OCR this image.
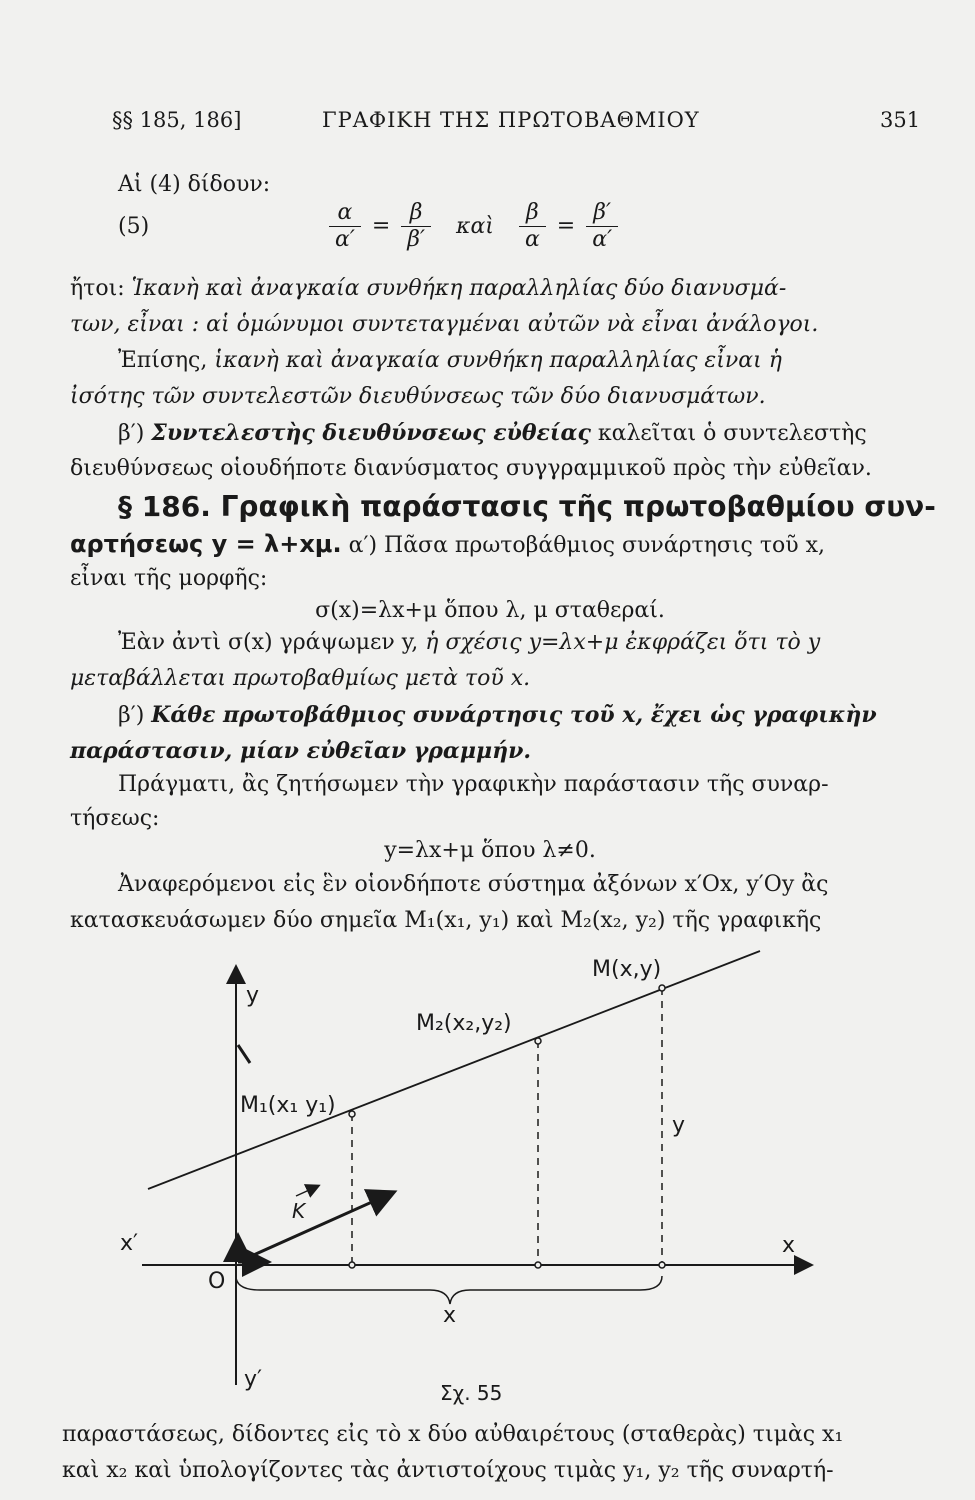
§§ 185, 186]	ΓΡΑΦΙΚΗ ΤΗΣ ΠΡΩΤΟΒΑΘΜΙΟΥ	351
Αἱ (4) δίδουν:
(5)	$\frac{\alpha}{\alpha'} = \frac{\beta}{\beta'}$ καὶ $\frac{\beta}{\alpha} = \frac{\beta'}{\alpha'}$
ἤτοι: Ἱκανὴ καὶ ἀναγκαία συνθήκη παραλληλίας δύο διανυσμά-
των, εἶναι : αἱ ὁμώνυμοι συντεταγμέναι αὐτῶν νὰ εἶναι ἀνάλογοι.
Ἐπίσης, ἱκανὴ καὶ ἀναγκαία συνθήκη παραλληλίας εἶναι ἡ
ἰσότης τῶν συντελεστῶν διευθύνσεως τῶν δύο διανυσμάτων.
β′) Συντελεστὴς διευθύνσεως εὐθείας καλεῖται ὁ συντελεστὴς
διευθύνσεως οἱουδήποτε διανύσματος συγγραμμικοῦ πρὸς τὴν εὐθεῖαν.
§ 186. Γραφικὴ παράστασις τῆς πρωτοβαθμίου συν-
αρτήσεως y = λ+xμ. α′) Πᾶσα πρωτοβάθμιος συνάρτησις τοῦ x,
εἶναι τῆς μορφῆς:
σ(x)=λx+μ ὅπου λ, μ σταθεραί.
Ἐὰν ἀντὶ σ(x) γράψωμεν y, ἡ σχέσις y=λx+μ ἐκφράζει ὅτι τὸ y
μεταβάλλεται πρωτοβαθμίως μετὰ τοῦ x.
β′) Κάθε πρωτοβάθμιος συνάρτησις τοῦ x, ἔχει ὡς γραφικὴν
παράστασιν, μίαν εὐθεῖαν γραμμήν.
Πράγματι, ἂς ζητήσωμεν τὴν γραφικὴν παράστασιν τῆς συναρ-
τήσεως:
y=λx+μ ὅπου λ≠0.
Ἀναφερόμενοι εἰς ἓν οἱονδήποτε σύστημα ἀξόνων x′Ox, y′Oy ἂς
κατασκευάσωμεν δύο σημεῖα M₁(x₁, y₁) καὶ M₂(x₂, y₂) τῆς γραφικῆς
y
y′
x
x′
O
M(x,y)
M₂(x₂,y₂)
M₁(x₁ y₁)
y
x
K
Σχ. 55
παραστάσεως, δίδοντες εἰς τὸ x δύο αὐθαιρέτους (σταθερὰς) τιμὰς x₁
καὶ x₂ καὶ ὑπολογίζοντες τὰς ἀντιστοίχους τιμὰς y₁, y₂ τῆς συναρτή-
